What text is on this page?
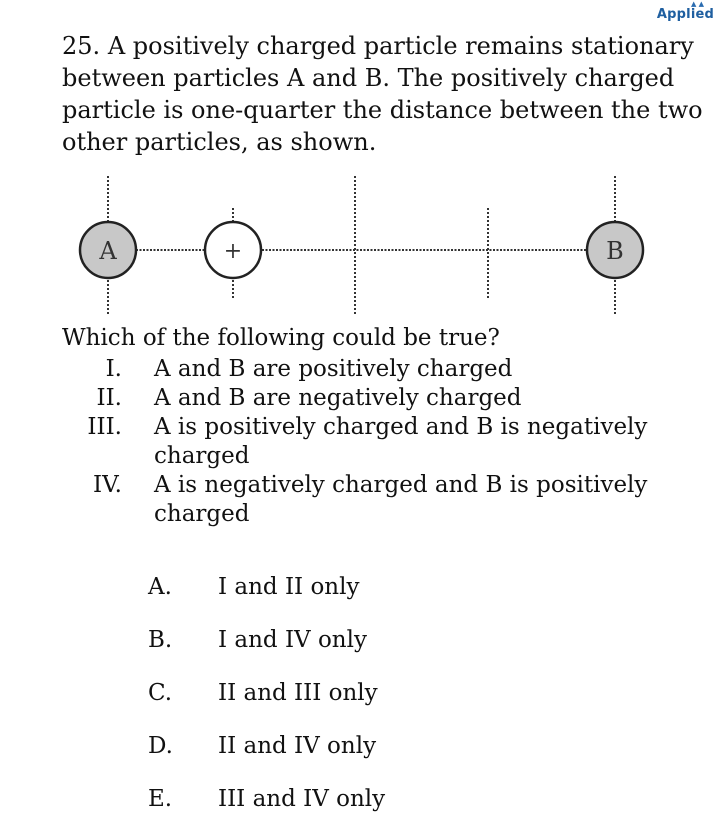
▲ ▲
Applied
25. A positively charged particle remains stationary between particles A and B. The positively charged particle is one-quarter the distance between the two other particles, as shown.
A	+	B
Which of the following could be true?
I.	A and B are positively charged
II.	A and B are negatively charged
III.	A is positively charged and B is negatively charged
IV.	A is negatively charged and B is positively charged
A.	I and II only
B.	I and IV only
C.	II and III only
D.	II and IV only
E.	III and IV only
